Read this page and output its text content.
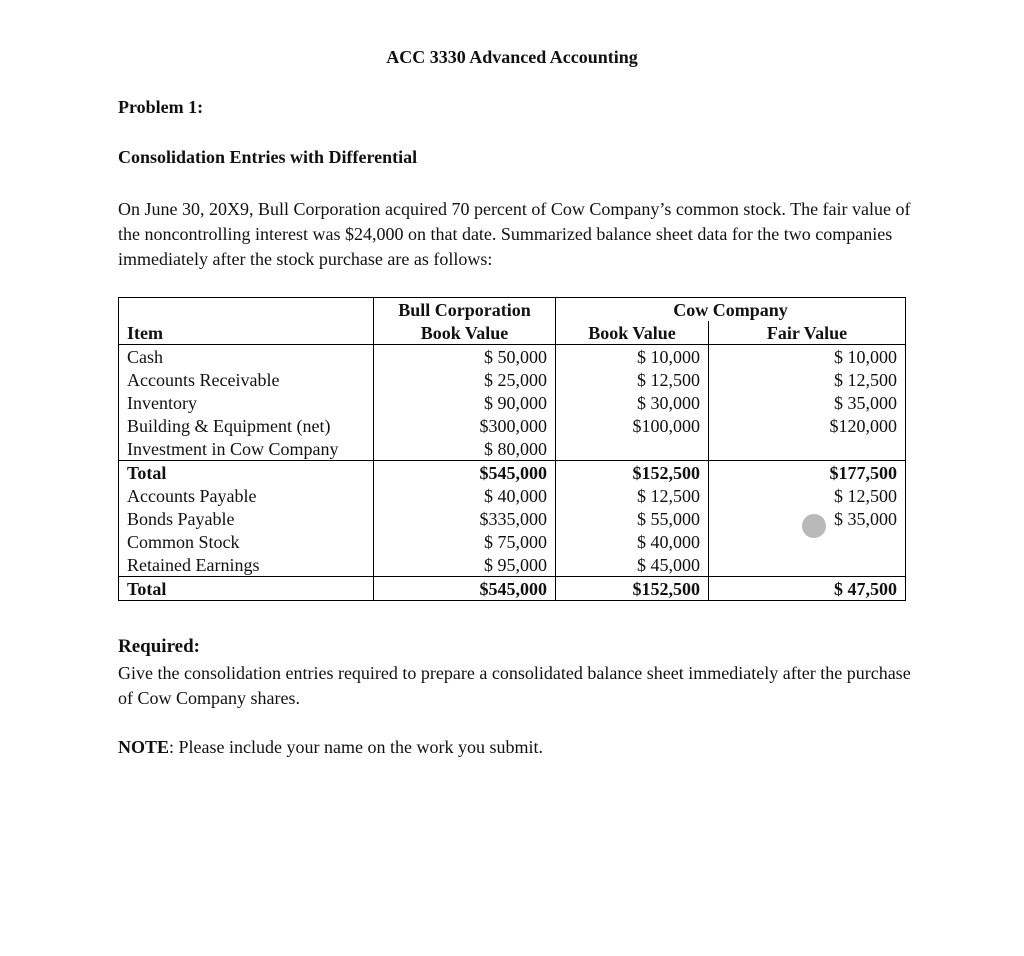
ACC 3330 Advanced Accounting
Problem 1:
Consolidation Entries with Differential
On June 30, 20X9, Bull Corporation acquired 70 percent of Cow Company’s common stock. The fair value of the noncontrolling interest was $24,000 on that date. Summarized balance sheet data for the two companies immediately after the stock purchase are as follows:
	Bull Corporation	Cow Company	
Item	Book Value	Book Value	Fair Value
Cash	$ 50,000	$ 10,000	$ 10,000
Accounts Receivable	$ 25,000	$ 12,500	$ 12,500
Inventory	$ 90,000	$ 30,000	$ 35,000
Building & Equipment (net)	$300,000	$100,000	$120,000
Investment in Cow Company	$ 80,000		
Total	$545,000	$152,500	$177,500
Accounts Payable	$ 40,000	$ 12,500	$ 12,500
Bonds Payable	$335,000	$ 55,000	$ 35,000
Common Stock	$ 75,000	$ 40,000	
Retained Earnings	$ 95,000	$ 45,000	
Total	$545,000	$152,500	$ 47,500
Required:
Give the consolidation entries required to prepare a consolidated balance sheet immediately after the purchase of Cow Company shares.
NOTE: Please include your name on the work you submit.
